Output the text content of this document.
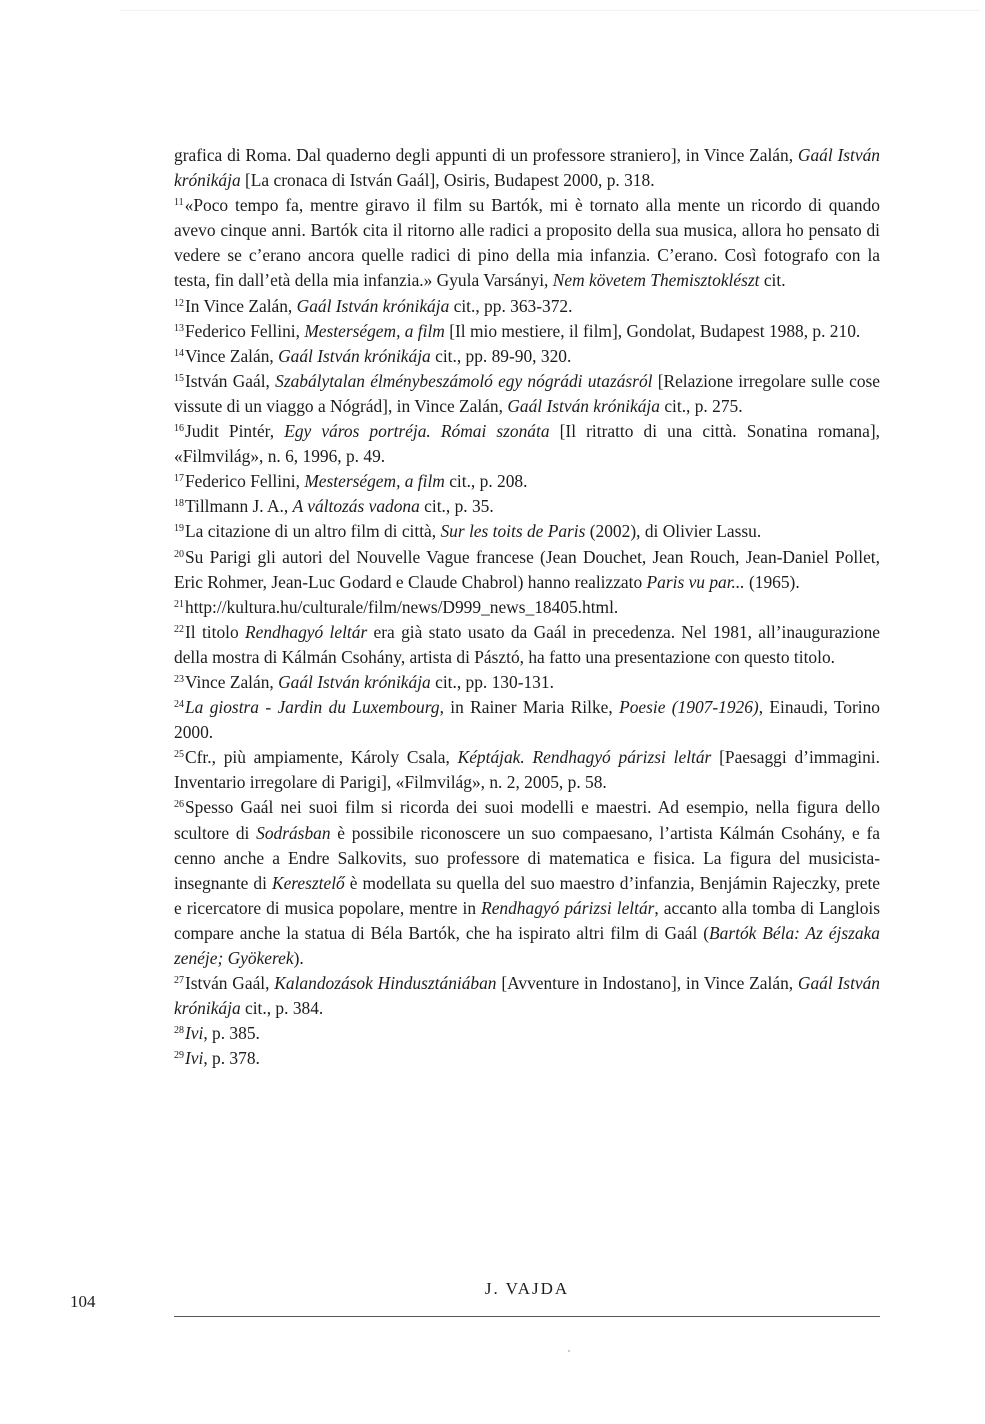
grafica di Roma. Dal quaderno degli appunti di un professore straniero], in Vince Zalán, Gaál István krónikája [La cronaca di István Gaál], Osiris, Budapest 2000, p. 318.

$^{11}$«Poco tempo fa, mentre giravo il film su Bartók, mi è tornato alla mente un ricordo di quando avevo cinque anni. Bartók cita il ritorno alle radici a proposito della sua musica, allora ho pensato di vedere se c’erano ancora quelle radici di pino della mia infanzia. C’erano. Così fotografo con la testa, fin dall’età della mia infanzia.» Gyula Varsányi, Nem követem Themisztoklészt cit.

$^{12}$In Vince Zalán, Gaál István krónikája cit., pp. 363-372.

$^{13}$Federico Fellini, Mesterségem, a film [Il mio mestiere, il film], Gondolat, Budapest 1988, p. 210.

$^{14}$Vince Zalán, Gaál István krónikája cit., pp. 89-90, 320.

$^{15}$István Gaál, Szabálytalan élménybeszámoló egy nógrádi utazásról [Relazione irregolare sulle cose vissute di un viaggo a Nógrád], in Vince Zalán, Gaál István krónikája cit., p. 275.

$^{16}$Judit Pintér, Egy város portréja. Római szonáta [Il ritratto di una città. Sonatina romana], «Filmvilág», n. 6, 1996, p. 49.

$^{17}$Federico Fellini, Mesterségem, a film cit., p. 208.

$^{18}$Tillmann J. A., A változás vadona cit., p. 35.

$^{19}$La citazione di un altro film di città, Sur les toits de Paris (2002), di Olivier Lassu.

$^{20}$Su Parigi gli autori del Nouvelle Vague francese (Jean Douchet, Jean Rouch, Jean-Daniel Pollet, Eric Rohmer, Jean-Luc Godard e Claude Chabrol) hanno realizzato Paris vu par... (1965).

$^{21}$http://kultura.hu/culturale/film/news/D999_news_18405.html.

$^{22}$Il titolo Rendhagyó leltár era già stato usato da Gaál in precedenza. Nel 1981, all’inaugurazione della mostra di Kálmán Csohány, artista di Pásztó, ha fatto una presentazione con questo titolo.

$^{23}$Vince Zalán, Gaál István krónikája cit., pp. 130-131.

$^{24}$La giostra - Jardin du Luxembourg, in Rainer Maria Rilke, Poesie (1907-1926), Einaudi, Torino 2000.

$^{25}$Cfr., più ampiamente, Károly Csala, Képtájak. Rendhagyó párizsi leltár [Paesaggi d’immagini. Inventario irregolare di Parigi], «Filmvilág», n. 2, 2005, p. 58.

$^{26}$Spesso Gaál nei suoi film si ricorda dei suoi modelli e maestri. Ad esempio, nella figura dello scultore di Sodrásban è possibile riconoscere un suo compaesano, l’artista Kálmán Csohány, e fa cenno anche a Endre Salkovits, suo professore di matematica e fisica. La figura del musicista-insegnante di Keresztelő è modellata su quella del suo maestro d’infanzia, Benjámin Rajeczky, prete e ricercatore di musica popolare, mentre in Rendhagyó párizsi leltár, accanto alla tomba di Langlois compare anche la statua di Béla Bartók, che ha ispirato altri film di Gaál (Bartók Béla: Az éjszaka zenéje; Gyökerek).

$^{27}$István Gaál, Kalandozások Hindusztániában [Avventure in Indostano], in Vince Zalán, Gaál István krónikája cit., p. 384.

$^{28}$Ivi, p. 385.

$^{29}$Ivi, p. 378.

J. VAJDA
104
